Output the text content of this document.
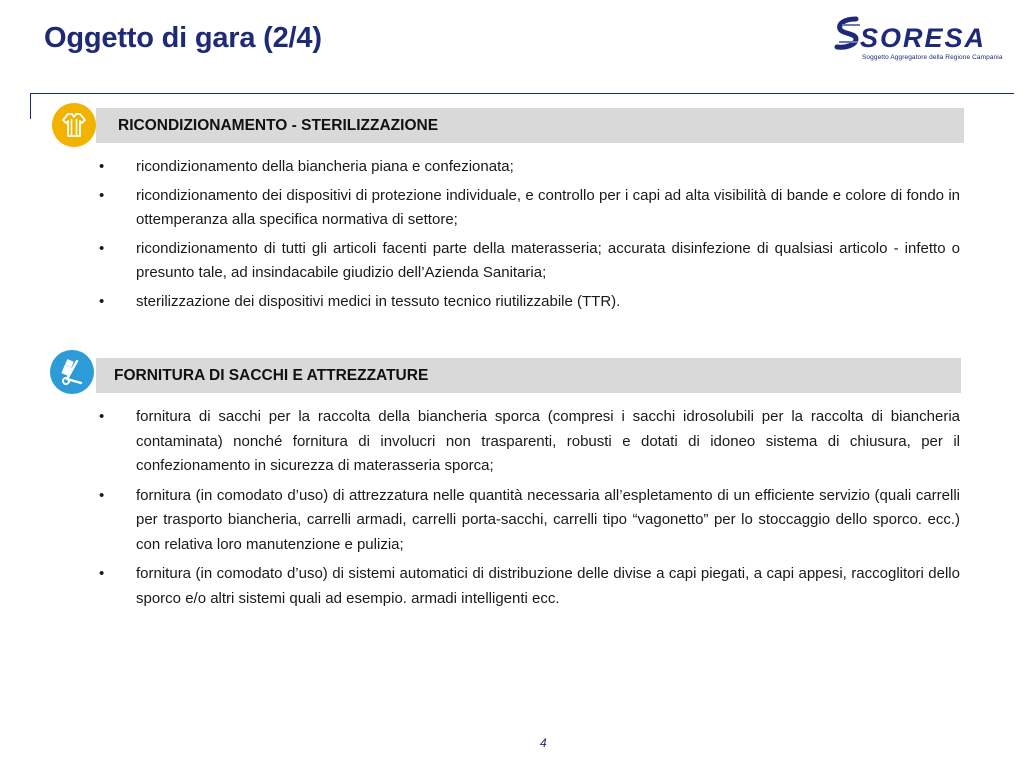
Oggetto di gara (2/4)	SORESA
Soggetto Aggregatore della Regione Campania
RICONDIZIONAMENTO - STERILIZZAZIONE
• ricondizionamento della biancheria piana e confezionata;
• ricondizionamento dei dispositivi di protezione individuale, e controllo per i capi ad alta visibilità di bande e colore di fondo in ottemperanza alla specifica normativa di settore;
• ricondizionamento di tutti gli articoli facenti parte della materasseria; accurata disinfezione di qualsiasi articolo - infetto o presunto tale, ad insindacabile giudizio dell’Azienda Sanitaria;
• sterilizzazione dei dispositivi medici in tessuto tecnico riutilizzabile (TTR).
FORNITURA DI SACCHI E ATTREZZATURE
• fornitura di sacchi per la raccolta della biancheria sporca (compresi i sacchi idrosolubili per la raccolta di biancheria contaminata) nonché fornitura di involucri non trasparenti, robusti e dotati di idoneo sistema di chiusura, per il confezionamento in sicurezza di materasseria sporca;
• fornitura (in comodato d’uso) di attrezzatura nelle quantità necessaria all’espletamento di un efficiente servizio (quali carrelli per trasporto biancheria, carrelli armadi, carrelli porta-sacchi, carrelli tipo “vagonetto” per lo stoccaggio dello sporco. ecc.) con relativa loro manutenzione e pulizia;
• fornitura (in comodato d’uso) di sistemi automatici di distribuzione delle divise a capi piegati, a capi appesi, raccoglitori dello sporco e/o altri sistemi quali ad esempio. armadi intelligenti ecc.
4
